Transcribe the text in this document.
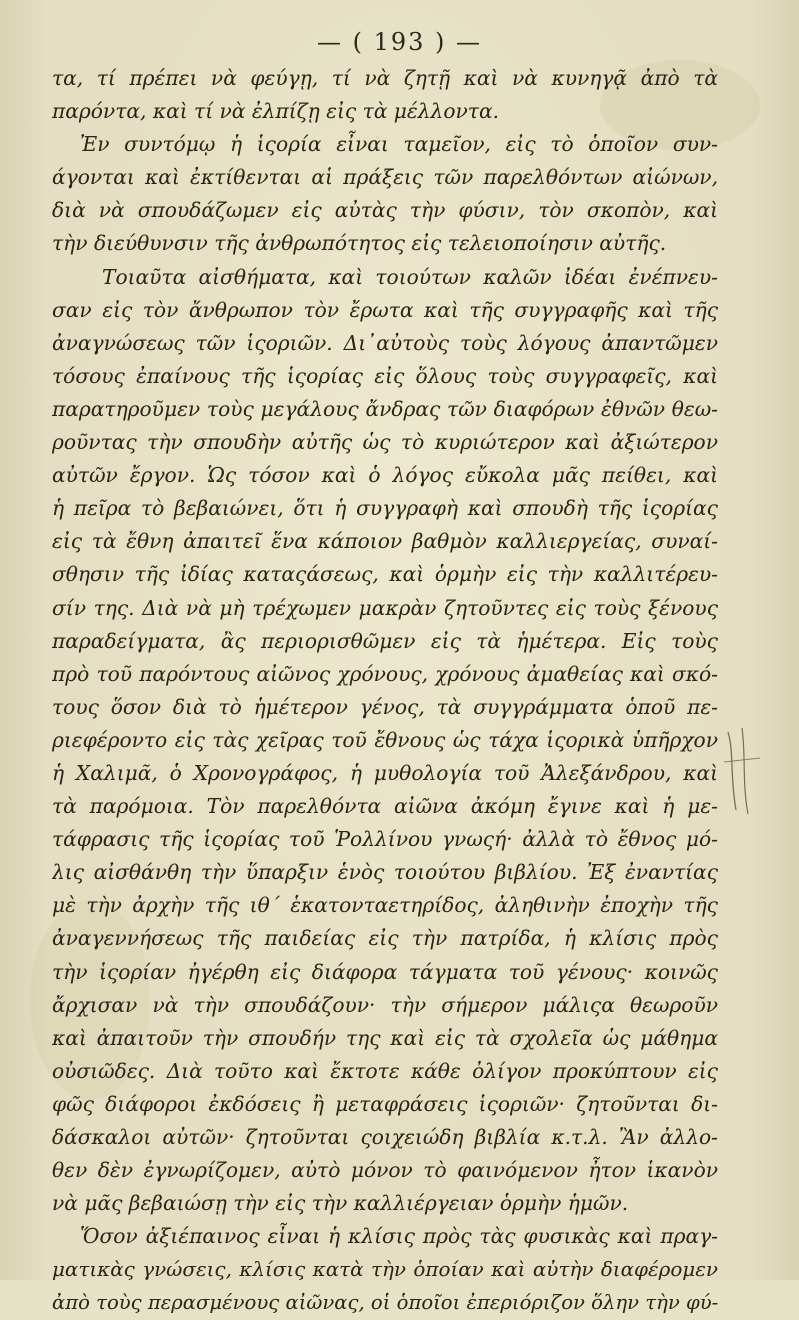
— ( 193 ) —
τα, τί πρέπει νὰ φεύγῃ, τί νὰ ζητῇ καὶ νὰ κυνηγᾷ ἀπὸ τὰ
παρόντα, καὶ τί νὰ ἐλπίζῃ εἰς τὰ μέλλοντα.
Ἐν συντόμῳ ἡ ἱςορία εἶναι ταμεῖον, εἰς τὸ ὁποῖον συν-
άγονται καὶ ἐκτίθενται αἱ πράξεις τῶν παρελθόντων αἰώνων,
διὰ νὰ σπουδάζωμεν εἰς αὐτὰς τὴν φύσιν, τὸν σκοπὸν, καὶ
τὴν διεύθυνσιν τῆς ἀνθρωπότητος εἰς τελειοποίησιν αὐτῆς.
Τοιαῦτα αἰσθήματα, καὶ τοιούτων καλῶν ἰδέαι ἐνέπνευ-
σαν εἰς τὸν ἄνθρωπον τὸν ἔρωτα καὶ τῆς συγγραφῆς καὶ τῆς
ἀναγνώσεως τῶν ἱςοριῶν. Δι᾽αὐτοὺς τοὺς λόγους ἀπαντῶμεν
τόσους ἐπαίνους τῆς ἱςορίας εἰς ὅλους τοὺς συγγραφεῖς, καὶ
παρατηροῦμεν τοὺς μεγάλους ἄνδρας τῶν διαφόρων ἐθνῶν θεω-
ροῦντας τὴν σπουδὴν αὐτῆς ὡς τὸ κυριώτερον καὶ ἀξιώτερον
αὐτῶν ἔργον. Ὡς τόσον καὶ ὁ λόγος εὔκολα μᾶς πείθει, καὶ
ἡ πεῖρα τὸ βεβαιώνει, ὅτι ἡ συγγραφὴ καὶ σπουδὴ τῆς ἱςορίας
εἰς τὰ ἔθνη ἀπαιτεῖ ἕνα κάποιον βαθμὸν καλλιεργείας, συναί-
σθησιν τῆς ἰδίας καταςάσεως, καὶ ὁρμὴν εἰς τὴν καλλιτέρευ-
σίν της. Διὰ νὰ μὴ τρέχωμεν μακρὰν ζητοῦντες εἰς τοὺς ξένους
παραδείγματα, ἂς περιορισθῶμεν εἰς τὰ ἡμέτερα. Εἰς τοὺς
πρὸ τοῦ παρόντους αἰῶνος χρόνους, χρόνους ἀμαθείας καὶ σκό-
τους ὅσον διὰ τὸ ἡμέτερον γένος, τὰ συγγράμματα ὁποῦ πε-
ριεφέροντο εἰς τὰς χεῖρας τοῦ ἔθνους ὡς τάχα ἱςορικὰ ὑπῆρχον
ἡ Χαλιμᾶ, ὁ Χρονογράφος, ἡ μυθολογία τοῦ Ἀλεξάνδρου, καὶ
τὰ παρόμοια. Τὸν παρελθόντα αἰῶνα ἀκόμη ἔγινε καὶ ἡ με-
τάφρασις τῆς ἱςορίας τοῦ Ῥολλίνου γνωςή· ἀλλὰ τὸ ἔθνος μό-
λις αἰσθάνθη τὴν ὕπαρξιν ἑνὸς τοιούτου βιβλίου. Ἐξ ἐναντίας
μὲ τὴν ἀρχὴν τῆς ιθ´ ἑκατονταετηρίδος, ἀληθινὴν ἐποχὴν τῆς
ἀναγεννήσεως τῆς παιδείας εἰς τὴν πατρίδα, ἡ κλίσις πρὸς
τὴν ἱςορίαν ἠγέρθη εἰς διάφορα τάγματα τοῦ γένους· κοινῶς
ἄρχισαν νὰ τὴν σπουδάζουν· τὴν σήμερον μάλιςα θεωροῦν
καὶ ἀπαιτοῦν τὴν σπουδήν της καὶ εἰς τὰ σχολεῖα ὡς μάθημα
οὐσιῶδες. Διὰ τοῦτο καὶ ἔκτοτε κάθε ὀλίγον προκύπτουν εἰς
φῶς διάφοροι ἐκδόσεις ἢ μεταφράσεις ἱςοριῶν· ζητοῦνται δι-
δάσκαλοι αὐτῶν· ζητοῦνται ςοιχειώδη βιβλία κ.τ.λ. Ἂν ἀλλο-
θεν δὲν ἐγνωρίζομεν, αὐτὸ μόνον τὸ φαινόμενον ἦτον ἱκανὸν
νὰ μᾶς βεβαιώσῃ τὴν εἰς τὴν καλλιέργειαν ὁρμὴν ἡμῶν.
Ὅσον ἀξιέπαινος εἶναι ἡ κλίσις πρὸς τὰς φυσικὰς καὶ πραγ-
ματικὰς γνώσεις, κλίσις κατὰ τὴν ὁποίαν καὶ αὐτὴν διαφέρομεν
ἀπὸ τοὺς περασμένους αἰῶνας, οἱ ὁποῖοι ἐπεριόριζον ὅλην τὴν φύ-
